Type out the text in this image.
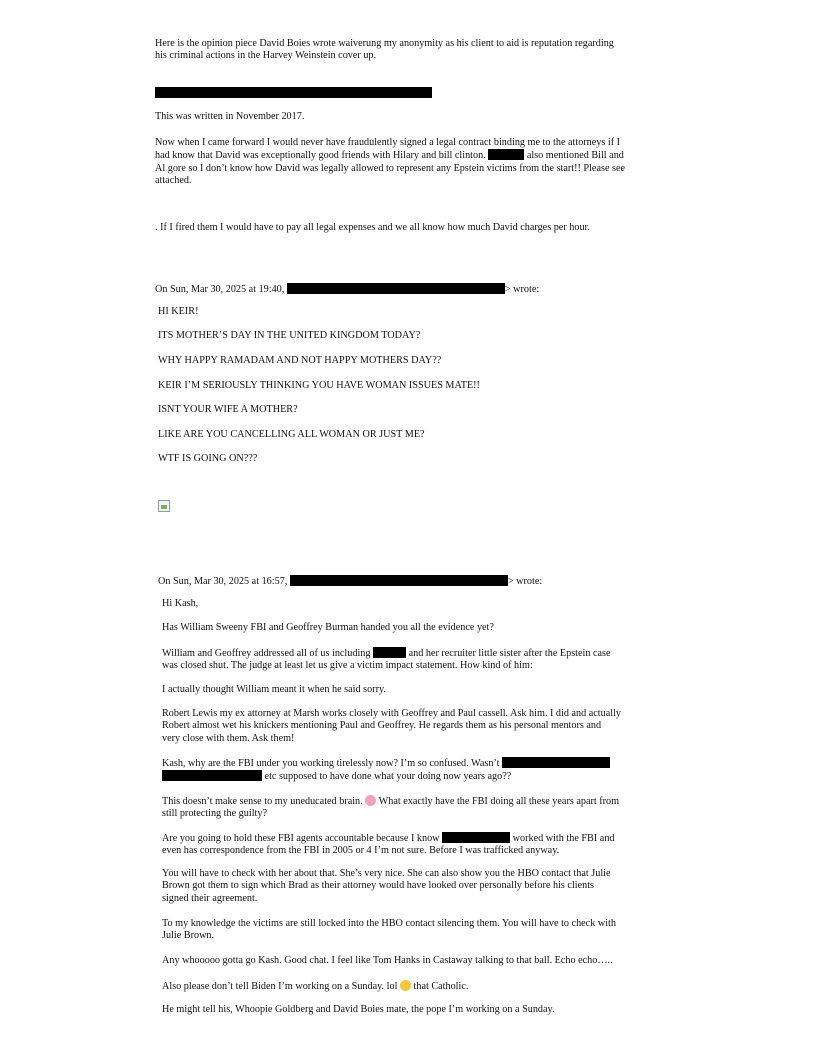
Here is the opinion piece David Boies wrote waiverung my anonymity as his client to aid is reputation regarding
his criminal actions in the Harvey Weinstein cover up.

This was written in November 2017.

Now when I came forward I would never have fraudulently signed a legal contract binding me to the attorneys if I
had know that David was exceptionally good friends with Hilary and bill clinton.	also mentioned Bill and
Al gore so I don’t know how David was legally allowed to represent any Epstein victims from the start!! Please see
attached.

. If I fired them I would have to pay all legal expenses and we all know how much David charges per hour.

On Sun, Mar 30, 2025 at 19:40,	> wrote:

HI KEIR!

ITS MOTHER’S DAY IN THE UNITED KINGDOM TODAY?

WHY HAPPY RAMADAM AND NOT HAPPY MOTHERS DAY??

KEIR I’M SERIOUSLY THINKING YOU HAVE WOMAN ISSUES MATE!!

ISNT YOUR WIFE A MOTHER?

LIKE ARE YOU CANCELLING ALL WOMAN OR JUST ME?

WTF IS GOING ON???

On Sun, Mar 30, 2025 at 16:57,	> wrote:

Hi Kash,

Has William Sweeny FBI and Geoffrey Burman handed you all the evidence yet?

William and Geoffrey addressed all of us including	and her recruiter little sister after the Epstein case
was closed shut. The judge at least let us give a victim impact statement. How kind of him:

I actually thought William meant it when he said sorry.

Robert Lewis my ex attorney at Marsh works closely with Geoffrey and Paul cassell. Ask him. I did and actually
Robert almost wet his knickers mentioning Paul and Geoffrey. He regards them as his personal mentors and
very close with them. Ask them!

Kash, why are the FBI under you working tirelessly now? I’m so confused. Wasn’t
etc supposed to have done what your doing now years ago??

This doesn’t make sense to my uneducated brain. What exactly have the FBI doing all these years apart from
still protecting the guilty?

Are you going to hold these FBI agents accountable because I know	worked with the FBI and
even has correspondence from the FBI in 2005 or 4 I’m not sure. Before I was trafficked anyway.

You will have to check with her about that. She’s very nice. She can also show you the HBO contact that Julie
Brown got them to sign which Brad as their attorney would have looked over personally before his clients
signed their agreement.

To my knowledge the victims are still locked into the HBO contact silencing them. You will have to check with
Julie Brown.

Any whooooo gotta go Kash. Good chat. I feel like Tom Hanks in Castaway talking to that ball. Echo echo…..

Also please don’t tell Biden I’m working on a Sunday. lol that Catholic.

He might tell his, Whoopie Goldberg and David Boies mate, the pope I’m working on a Sunday.
